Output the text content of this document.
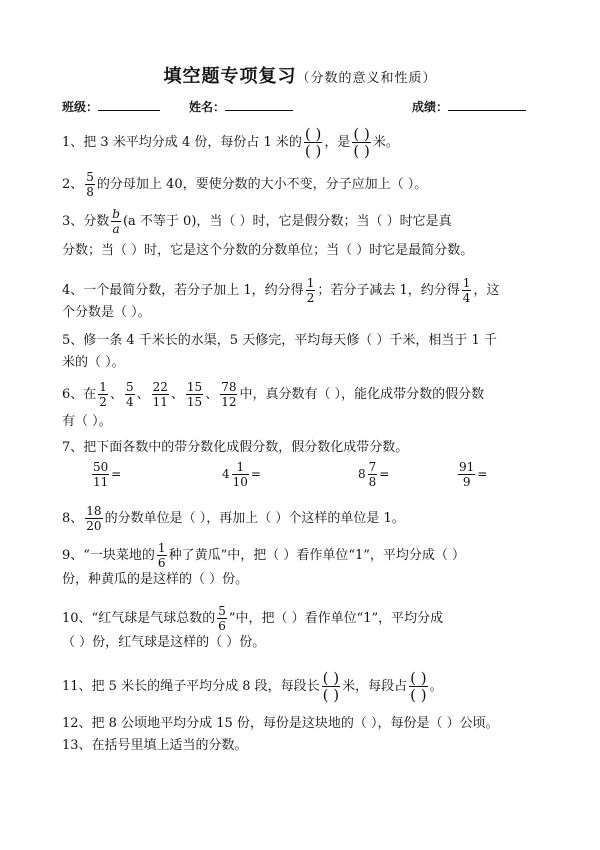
填空题专项复习（分数的意义和性质）
班级：	姓名：	成绩：
1、把 3 米平均分成 4 份，每份占 1 米的 $\frac{( )}{( )}$ ，是 $\frac{( )}{( )}$ 米。
2、 $\frac{5}{8}$ 的分母加上 40，要使分数的大小不变，分子应加上（ ）。
3、分数 $\frac{b}{a} (a$ 不等于 0)，当（ ）时，它是假分数；当（ ）时它是真
分数；当（ ）时，它是这个分数的分数单位；当（ ）时它是最简分数。
4、一个最简分数，若分子加上 1，约分得 $\frac{1}{2}$ ；若分子减去 1，约分得 $\frac{1}{4}$ ，这
个分数是（ ）。
5、修一条 4 千米长的水渠，5 天修完，平均每天修（ ）千米，相当于 1 千
米的（ ）。
6、在 $\frac{1}{2}$ 、 $\frac{5}{4}$ 、 $\frac{22}{11}$ 、 $\frac{15}{15}$ 、 $\frac{78}{12}$ 中，真分数有（ ），能化成带分数的假分数
有（ ）。
7、把下面各数中的带分数化成假分数，假分数化成带分数。
$\frac{50}{11}$ =	$4 \frac{1}{10}$ =	$8 \frac{7}{8}$ =	$\frac{91}{9}$ =
8、 $\frac{18}{20}$ 的分数单位是（ ），再加上（ ）个这样的单位是 1。
9、“一块菜地的 $\frac{1}{6}$ 种了黄瓜”中，把（ ）看作单位“1”，平均分成（ ）
份，种黄瓜的是这样的（ ）份。
10、“红气球是气球总数的 $\frac{5}{6}$ ”中，把（ ）看作单位“1”，平均分成
（ ）份，红气球是这样的（ ）份。
11、把 5 米长的绳子平均分成 8 段，每段长 $\frac{( )}{( )}$ 米，每段占 $\frac{( )}{( )}$ 。
12、把 8 公顷地平均分成 15 份，每份是这块地的（ ），每份是（ ）公顷。
13、在括号里填上适当的分数。
